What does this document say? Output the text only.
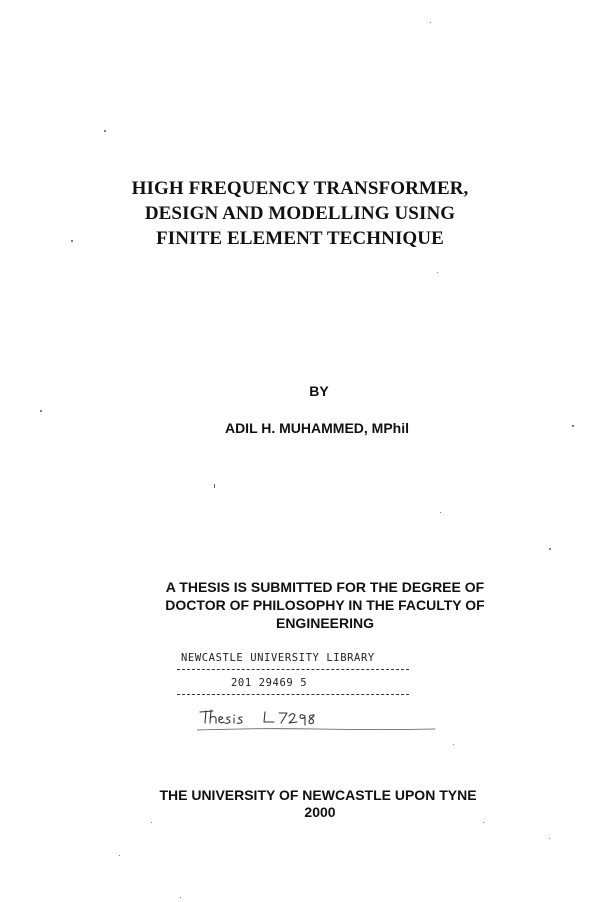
HIGH FREQUENCY TRANSFORMER,
DESIGN AND MODELLING USING
FINITE ELEMENT TECHNIQUE
BY
ADIL H. MUHAMMED, MPhil
A THESIS IS SUBMITTED FOR THE DEGREE OF
DOCTOR OF PHILOSOPHY IN THE FACULTY OF
ENGINEERING
NEWCASTLE UNIVERSITY LIBRARY
201 29469 5
Thesis L7298
THE UNIVERSITY OF NEWCASTLE UPON TYNE
2000
